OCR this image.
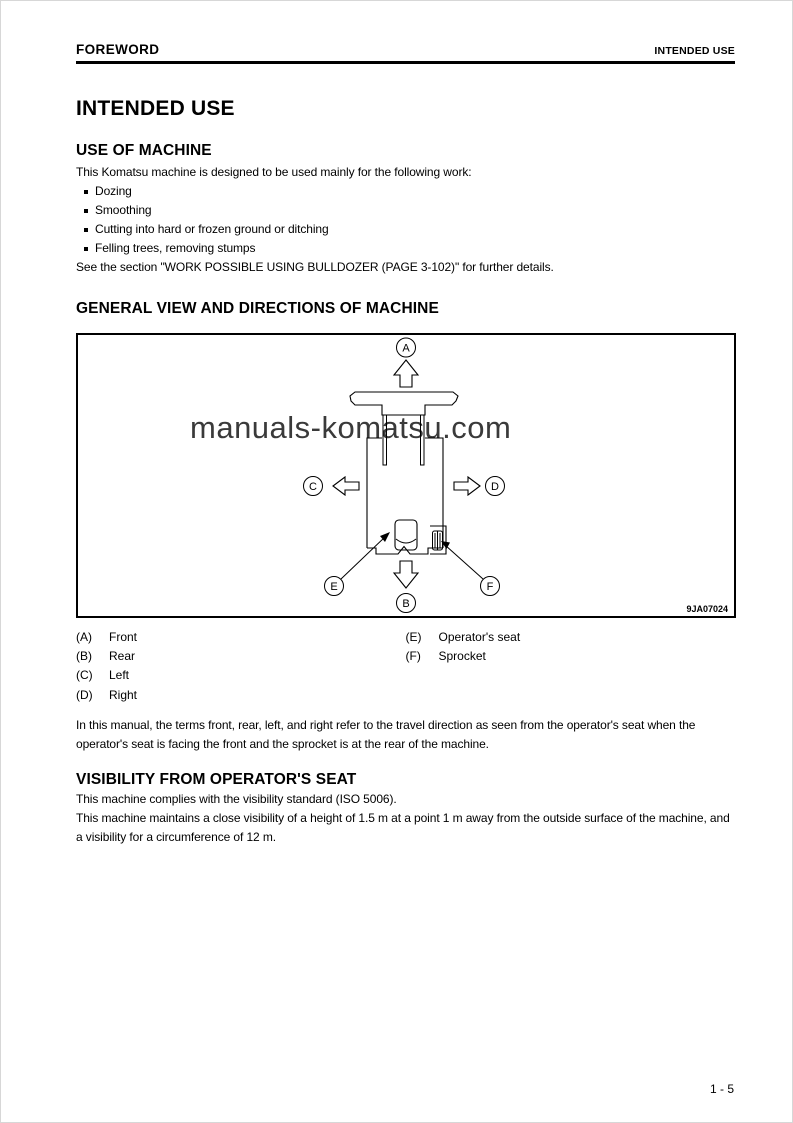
FOREWORD	INTENDED USE
INTENDED USE
USE OF MACHINE

This Komatsu machine is designed to be used mainly for the following work:

Dozing
Smoothing
Cutting into hard or frozen ground or ditching
Felling trees, removing stumps

See the section "WORK POSSIBLE USING BULLDOZER (PAGE 3-102)" for further details.

GENERAL VIEW AND DIRECTIONS OF MACHINE
manuals-komatsu.com
A
C	D
E	F
B	9JA07024
(A)	Front
(B)	Rear
(C)	Left
(D)	Right
(E)	Operator's seat
(F)	Sprocket

In this manual, the terms front, rear, left, and right refer to the travel direction as seen from the operator's seat when the operator's seat is facing the front and the sprocket is at the rear of the machine.

VISIBILITY FROM OPERATOR'S SEAT

This machine complies with the visibility standard (ISO 5006).

This machine maintains a close visibility of a height of 1.5 m at a point 1 m away from the outside surface of the machine, and a visibility for a circumference of 12 m.

1 - 5
